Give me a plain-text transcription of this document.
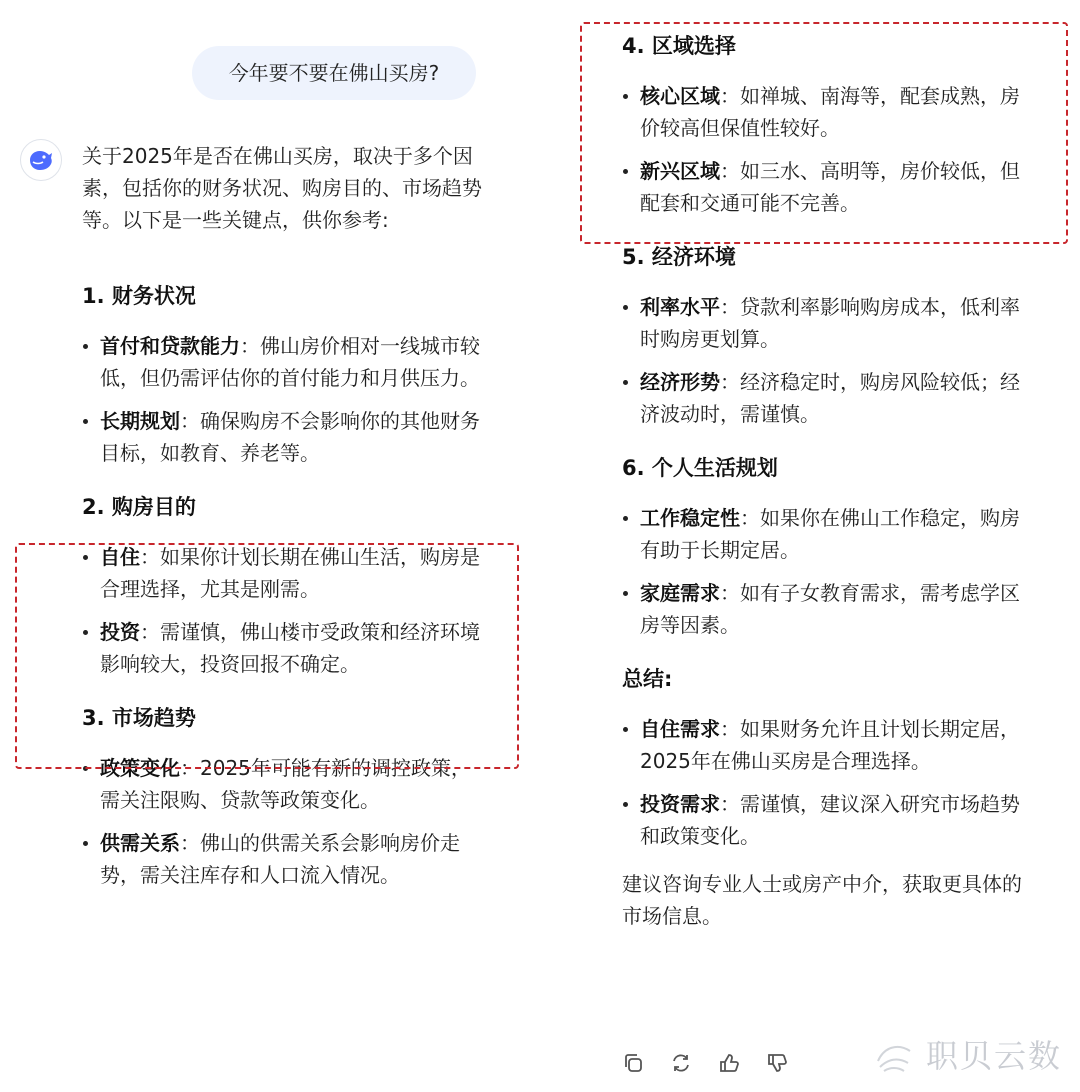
今年要不要在佛山买房?

关于2025年是否在佛山买房，取决于多个因素，包括你的财务状况、购房目的、市场趋势等。以下是一些关键点，供你参考:

1. 财务状况
首付和贷款能力：佛山房价相对一线城市较低，但仍需评估你的首付能力和月供压力。
长期规划：确保购房不会影响你的其他财务目标，如教育、养老等。
2. 购房目的
自住：如果你计划长期在佛山生活，购房是合理选择，尤其是刚需。
投资：需谨慎，佛山楼市受政策和经济环境影响较大，投资回报不确定。
3. 市场趋势
政策变化：2025年可能有新的调控政策，需关注限购、贷款等政策变化。
供需关系：佛山的供需关系会影响房价走势，需关注库存和人口流入情况。
4. 区域选择
核心区域：如禅城、南海等，配套成熟，房价较高但保值性较好。
新兴区域：如三水、高明等，房价较低，但配套和交通可能不完善。
5. 经济环境
利率水平：贷款利率影响购房成本，低利率时购房更划算。
经济形势：经济稳定时，购房风险较低；经济波动时，需谨慎。
6. 个人生活规划
工作稳定性：如果你在佛山工作稳定，购房有助于长期定居。
家庭需求：如有子女教育需求，需考虑学区房等因素。
总结:
自住需求：如果财务允许且计划长期定居，2025年在佛山买房是合理选择。
投资需求：需谨慎，建议深入研究市场趋势和政策变化。

建议咨询专业人士或房产中介，获取更具体的市场信息。

职贝云数
